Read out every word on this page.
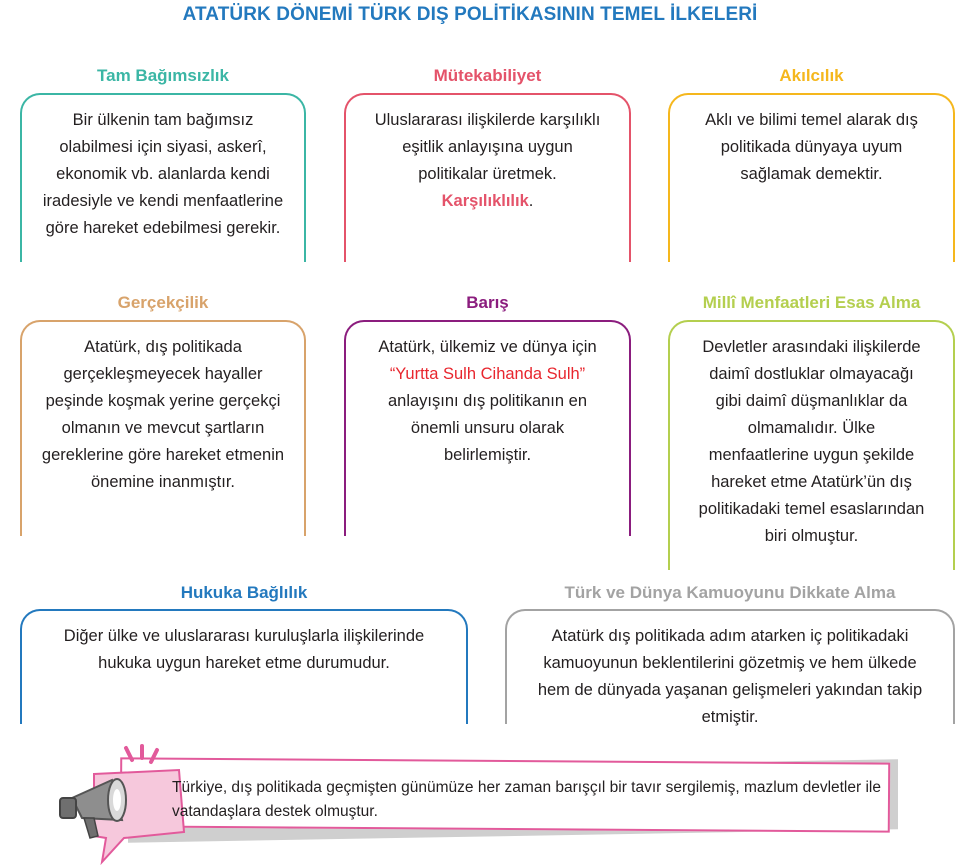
ATATÜRK DÖNEMİ TÜRK DIŞ POLİTİKASININ TEMEL İLKELERİ
Tam Bağımsızlık
Bir ülkenin tam bağımsız olabilmesi için siyasi, askerî, ekonomik vb. alanlarda kendi iradesiyle ve kendi menfaatlerine göre hareket edebilmesi gerekir.
Mütekabiliyet
Uluslararası ilişkilerde karşılıklı eşitlik anlayışına uygun politikalar üretmek. Karşılıklılık.
Akılcılık
Aklı ve bilimi temel alarak dış politikada dünyaya uyum sağlamak demektir.
Gerçekçilik
Atatürk, dış politikada gerçekleşmeyecek hayaller peşinde koşmak yerine gerçekçi olmanın ve mevcut şartların gereklerine göre hareket etmenin önemine inanmıştır.
Barış
Atatürk, ülkemiz ve dünya için “Yurtta Sulh Cihanda Sulh” anlayışını dış politikanın en önemli unsuru olarak belirlemiştir.
Millî Menfaatleri Esas Alma
Devletler arasındaki ilişkilerde daimî dostluklar olmayacağı gibi daimî düşmanlıklar da olmamalıdır. Ülke menfaatlerine uygun şekilde hareket etme Atatürk’ün dış politikadaki temel esaslarından biri olmuştur.
Hukuka Bağlılık
Diğer ülke ve uluslararası kuruluşlarla ilişkilerinde hukuka uygun hareket etme durumudur.
Türk ve Dünya Kamuoyunu Dikkate Alma
Atatürk dış politikada adım atarken iç politikadaki kamuoyunun beklentilerini gözetmiş ve hem ülkede hem de dünyada yaşanan gelişmeleri yakından takip etmiştir.
Türkiye, dış politikada geçmişten günümüze her zaman barışçıl bir tavır sergilemiş, mazlum devletler ile vatandaşlara destek olmuştur.
